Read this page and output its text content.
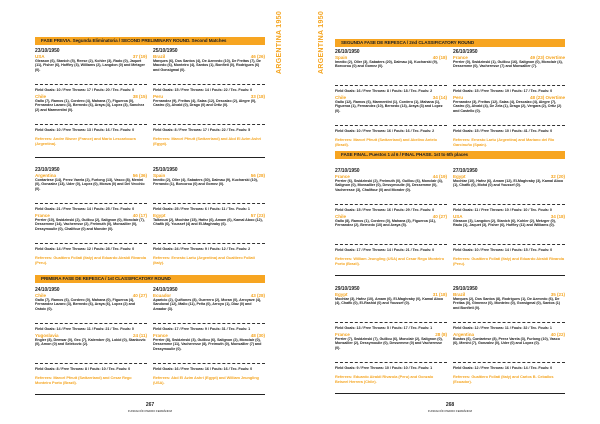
ARGENTINA 1950
FASE PREVIA. Segunda Eliminatoria / SECOND PRELIMINARY ROUND. Second Matches
23/10/1950
USA	37 (19)
Gleason (6), Stanich (5), Reese (2), Kohler (3), Rado (0), Jaquet (11), Fisher (6), Hoffley (3), Williams (2), Langdon (0) and Metzger (0).
Field Goals: 10 / Free Throws: 17 / Fouls: 20 / Tec. Fouls: 0
Chile	38 (15)
Gallo (7), Ramos (1), Cordero (4), Mahana (7), Figueroa (0), Fernandez Lazaro (3), Bernedo (6), Araya (4), Lopez (3), Sanchez (2) and Marmentini (0).
Field Goals: 10 / Free Throws: 13 / Fouls: 16 / Tec. Fouls: 0
Referees: Andre Bisner (France) and Mario Lescarboura (Argentina).
25/10/1950
Brazil	46 (26)
Marques (6), Dos Santos (4), De Azevedo (10), De Freitas (7), De Macedo (6), Monteiro (4), Santos (1), Bonfieti (0), Rodrigues (6) and Gonsigmal (0).
Field Goals: 15 / Free Throws: 14 / Fouls: 22 / Tec. Fouls: 0
Peru	33 (18)
Fernandez (9), Freitas (4), Salas (12), Descalzo (2), Alegre (0), Castro (0), Alvald (0), Drago (0) and Ortiz (0).
Field Goals: 8 / Free Throws: 17 / Fouls: 22 / Tec. Fouls: 5
Referees: Marcel Pfeutt (Switzerland) and Abd El Azim Ashri (Egypt).
23/10/1950
Argentina	56 (36)
Contartese (14), Perez Varela (2), Furlong (13), Vasco (8), Menini (0), Gonzalez (13), Uder (0), Lopez (0), Monza (0) and Del Vecchio (0).
Field Goals: 21 / Free Throws: 14 / Fouls: 25 / Tec. Fouls: 0
France	40 (17)
Perrier (10), Swidzinski (2), Guillou (2), Salignon (0), Monclair (7), Dessemme (14), Vacheresse (2), Freimuth (0), Monsallier (0), Dessymoulie (0), Chalifour (0) and Monder (0).
Field Goals: 14 / Free Throws: 12 / Fouls: 28 / Tec. Fouls: 0
Referees: Gualtiero Follati (Italy) and Eduardo Airaldi Rivarola (Peru).
25/10/1950
Spain	56 (28)
Imedio (2), Oller (4), Sabaters (30), Dalmau (9), Kucharski (10), Ferrando (1), Borcorou (0) and Gomez (0).
Field Goals: 25 / Free Throws: 6 / Fouls: 11 / Tec. Fouls: 1
Egypt	57 (23)
Talkroun (2), Mochtar (15), Hafez (6), Amam (6), Kamal Aboo (12), Chafik (6), Youssef (4) and El-Maghraby (6).
Field Goals: 24 / Free Throws: 9 / Fouls: 12 / Tec. Fouls: 2
Referees: Ernesto Lartu (Argentina) and Gualtiero Follati (Italy).
PRIMERA FASE DE REPESCA / 1st CLASSIFICATORY ROUND
24/10/1950
Chile	40 (27)
Gallo (7), Ramos (6), Cordero (0), Mahana (0), Figueroa (4), Fernandez Lazaro (3), Bernedo (6), Araya (6), Lopez (2) and Ostoic (0).
Field Goals: 14 / Free Throws: 11 / Fouls: 21 / Tec. Fouls: 0
Yugoslavia	24 (11)
Engler (8), Demsar (0), Gec (7), Kalember (0), Lokid (0), Stankovic (0), Amon (0) and Selekovic (2).
Field Goals: 8 / Free Throws: 8 / Fouls: 10 / Tec. Fouls: 0
Referees: Marcel Pfeutt (Switzerland) and Cesar Rego Monteiro Porto (Brazil).
24/10/1950
Ecuador	43 (28)
Aparicio (2), Quiñones (8), Guerrero (2), Moran (0), Arroyave (4), Sandoval (12), Mallo (11), Peña (0), Arroyo (1), Diaz (0) and Amador (3).
Field Goals: 17 / Free Throws: 9 / Fouls: 31 / Tec. Fouls: 1
France	48 (30)
Perrier (8), Swidzinski (3), Guillou (6), Salignon (2), Monclair (0), Dessemme (11), Vacheresse (8), Freimuth (0), Monsallier (7) and Dessymoulie (0).
Field Goals: 16 / Free Throws: 16 / Fouls: 16 / Tec. Fouls: 0
Referees: Abd El Azim Ashri (Egypt) and William Jeungling (USA).
267
FUNDACIÓN PEDRO FERRÁNDIZ
ARGENTINA 1950	SEGUNDA FASE DE REPESCA / 2nd CLASSIFICATORY ROUND
26/10/1950
Spain	40 (18)
Imedio (2), Oller (3), Sabaters (20), Dalmau (4), Kucharski (9), Borcorou (0) and Gomez (0).
Field Goals: 16 / Free Throws: 8 / Fouls: 18 / Tec. Fouls: 2
Chile	34 (14)
Gallo (12), Ramos (6), Marmentini (1), Cordero (1), Mahana (1), Figueroa (1), Fernandez (10), Bernedo (13), Araya (3) and Lopez (0).
Field Goals: 10 / Free Throws: 16 / Fouls: 16 / Tec. Fouls: 2
Referees: Marcel Pfeutt (Switzerland) and Abelino Antelo (Brazil).
26/10/1950
France	49 (23) Overtime
Perrier (0), Swidzinski (1), Guillou (16), Salignon (0), Monclair (4), Dessemme (0), Vacheresse (7) and Monsallier (7).
Field Goals: 15 / Free Throws: 19 / Fouls: 17 / Tec. Fouls: 0
Peru	48 (23) Overtime
Fernandez (3), Freitas (12), Salas (4), Descalzo (4), Alegre (7), Castro (0), Alvald (4), De Zela (1), Drago (2), Vergara (2), Ortiz (2) and Castello (0).
Field Goals: 15 / Free Throws: 10 / Fouls: 41 / Tec. Fouls: 0
Referees: Ernesto Lartu (Argentina) and Mariano del Rio Garcinuño (Spain).
FASE FINAL. Puestos 1 al 6 / FINAL PHASE. 1st to 6th places
27/10/1950
France	44 (19)
Perrier (6), Swidzinski (2), Freimuth (0), Guillou (6), Monclair (4), Salignon (0), Monsallier (0), Dessymoulie (0), Dessemme (0), Vacheresse (3), Chalifour (0) and Monder (0).
Field Goals: 15 / Free Throws: 16 / Fouls: 29 / Tec. Fouls: 0
Chile	40 (27)
Gallo (8), Ramos (1), Cordero (0), Mahana (3), Figueroa (11), Fernandez (2), Bernedo (10) and Araya (5).
Field Goals: 17 / Free Throws: 14 / Fouls: 21 / Tec. Fouls: 0
Referees: William Jeungling (USA) and Cesar Rego Monteiro Porto (Brazil).
27/10/1950
Egypt	32 (20)
Mochtar (10), Hafez (6), Amam (12), El-Maghraby (3), Kamal Aboo (1), Chafik (0), Mohd (0) and Youssef (0).
Field Goals: 11 / Free Throws: 10 / Fouls: 10 / Tec. Fouls: 0
USA	34 (18)
Gleason (3), Langdon (2), Stanich (6), Kohler (2), Metzger (0), Rado (1), Jaquet (3), Fisher (6), Hoffley (11) and Williams (0).
Field Goals: 10 / Free Throws: 14 / Fouls: 15 / Tec. Fouls: 0
Referees: Gualtiero Follati (Italy) and Eduardo Airaldi Rivarola (Peru).
29/10/1950
Egypt	31 (18)
Mochtar (3), Hafez (10), Amam (6), El-Maghraby (0), Kamal Aboo (4), Chafik (0), El-Rashid (0) and Youssef (0).
Field Goals: 13 / Free Throws: 5 / Fouls: 17 / Tec. Fouls: 1
France	28 (8)
Perrier (7), Swidzinski (7), Guillou (6), Monclair (2), Salignon (0), Monsallier (2), Dessymoulie (0), Dessemme (0) and Vacheresse (0).
Field Goals: 9 / Free Throws: 10 / Fouls: 10 / Tec. Fouls: 1
Referees: Eduardo Airaldi Rivarola (Peru) and Gonzalo Beiseel Herrera (Chile).
29/10/1950
Brazil	35 (21)
Marques (2), Dos Santos (8), Rodrigues (1), De Azevedo (6), De Freitas (0), Gimenez (0), Monteiro (0), Gonsigmal (0), Santos (1) and Bonfieti (0).
Field Goals: 12 / Free Throws: 11 / Fouls: 32 / Tec. Fouls: 1
Argentina	40 (22)
Bustos (6), Contartese (8), Perez Varela (3), Furlong (10), Vasco (6), Menini (7), Gonzalez (0), Uder (0) and Lopez (0).
Field Goals: 12 / Free Throws: 16 / Fouls: 14 / Tec. Fouls: 0
Referees: Gualtiero Follati (Italy) and Carlos B. Ceballos (Ecuador).
268
FUNDACIÓN PEDRO FERRÁNDIZ
